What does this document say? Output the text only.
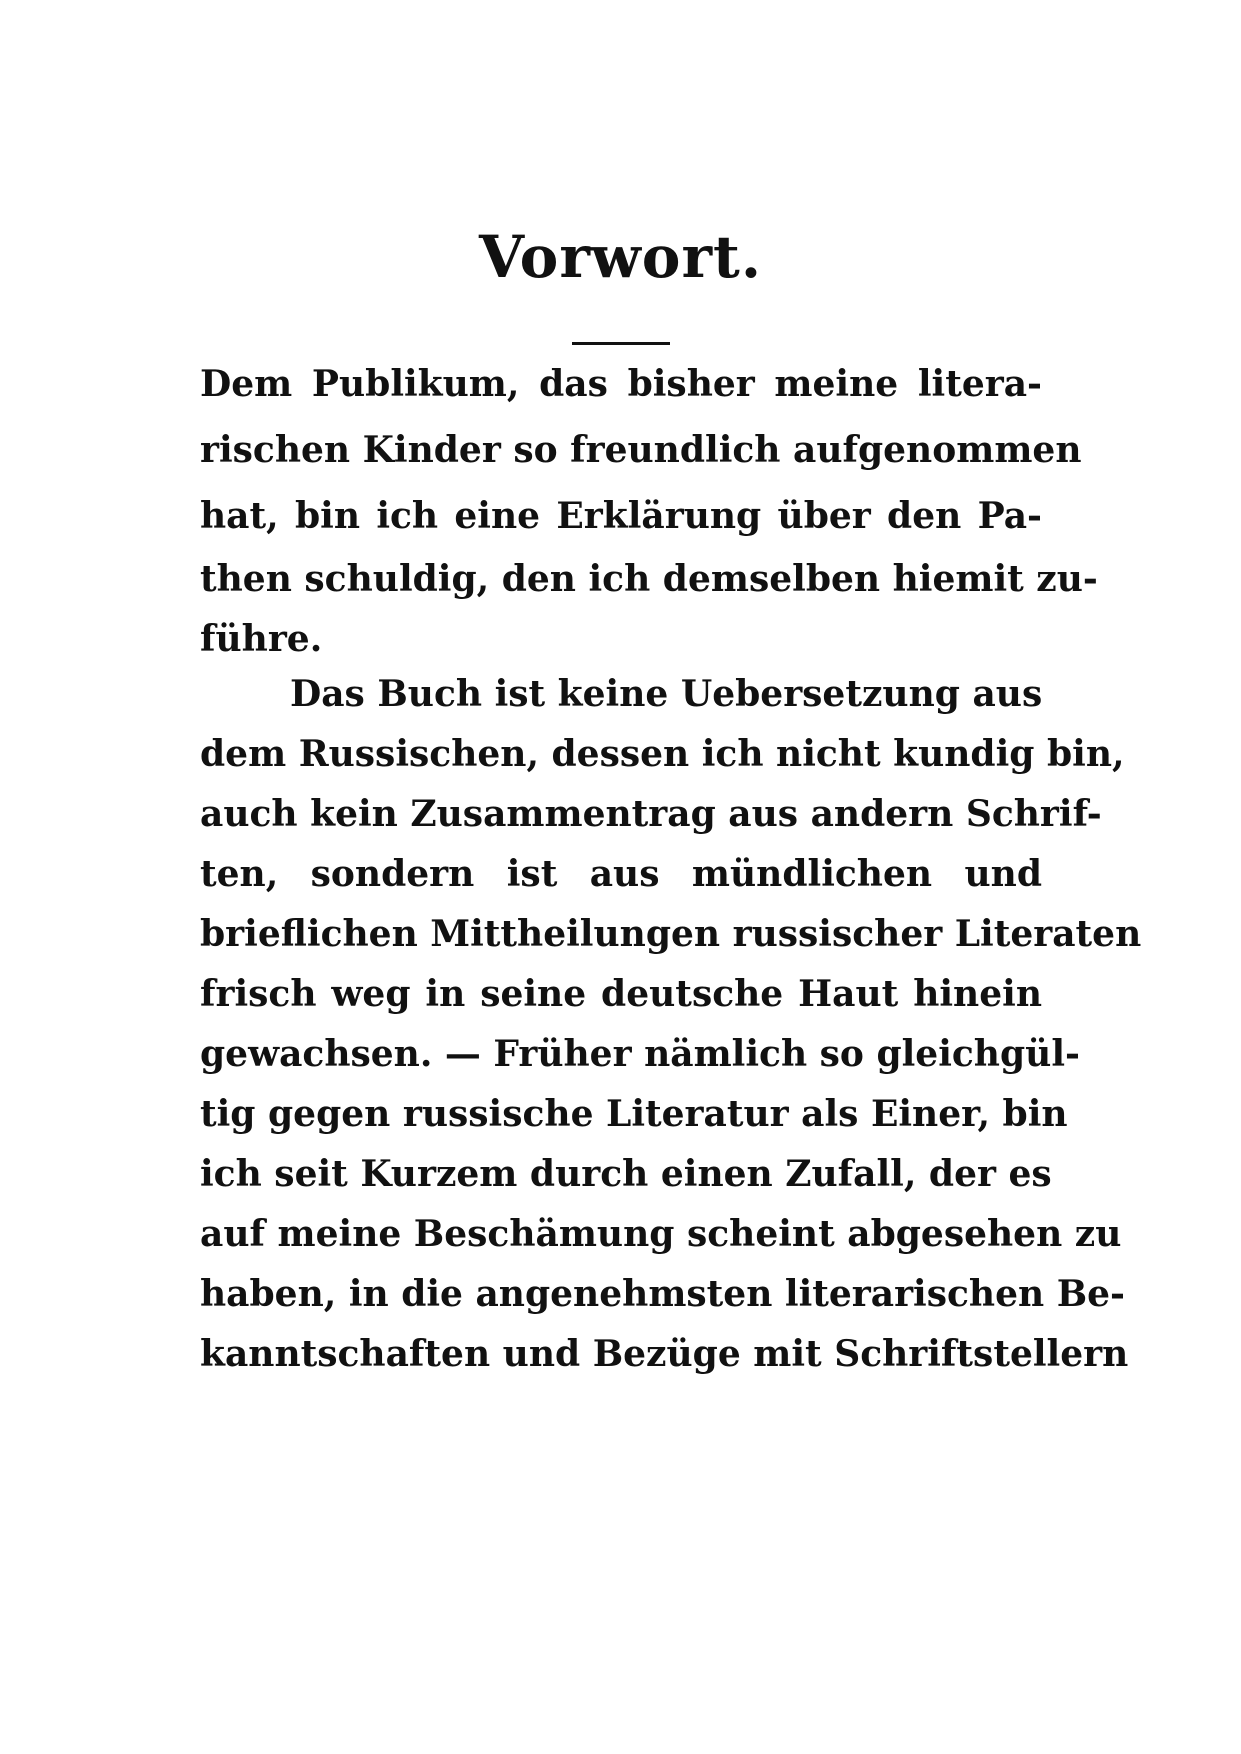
Vorwort.
Dem Publikum, das bisher meine litera-
rischen Kinder so freundlich aufgenommen
hat, bin ich eine Erklärung über den Pa-
then schuldig, den ich demselben hiemit zu-
führe.
Das Buch ist keine Uebersetzung aus
dem Russischen, dessen ich nicht kundig bin,
auch kein Zusammentrag aus andern Schrif-
ten, sondern ist aus mündlichen und
brieflichen Mittheilungen russischer Literaten
frisch weg in seine deutsche Haut hinein
gewachsen. — Früher nämlich so gleichgül-
tig gegen russische Literatur als Einer, bin
ich seit Kurzem durch einen Zufall, der es
auf meine Beschämung scheint abgesehen zu
haben, in die angenehmsten literarischen Be-
kanntschaften und Bezüge mit Schriftstellern
